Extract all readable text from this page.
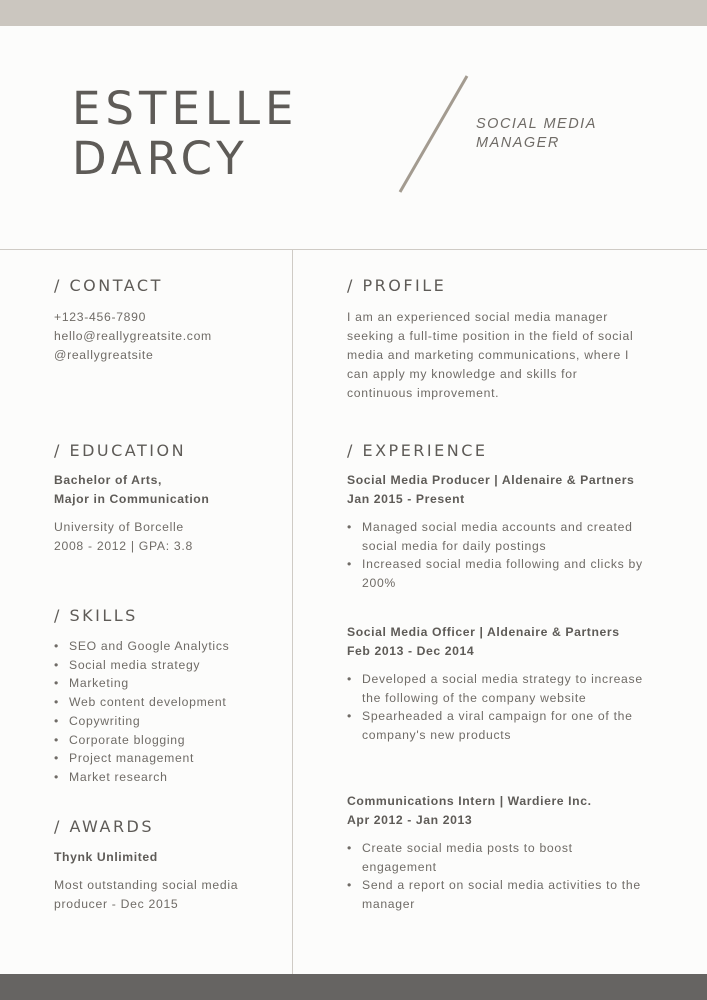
ESTELLE
DARCY

SOCIAL MEDIA MANAGER

/ CONTACT
+123-456-7890
hello@reallygreatsite.com
@reallygreatsite
/ EDUCATION
Bachelor of Arts,
Major in Communication
University of Borcelle
2008 - 2012 | GPA: 3.8
/ SKILLS
• SEO and Google Analytics
• Social media strategy
• Marketing
• Web content development
• Copywriting
• Corporate blogging
• Project management
• Market research
/ AWARDS
Thynk Unlimited
Most outstanding social media
producer - Dec 2015
/ PROFILE
I am an experienced social media manager
seeking a full-time position in the field of social
media and marketing communications, where I
can apply my knowledge and skills for
continuous improvement.
/ EXPERIENCE
Social Media Producer | Aldenaire & Partners
Jan 2015 - Present
• Managed social media accounts and created social media for daily postings
• Increased social media following and clicks by 200%
Social Media Officer | Aldenaire & Partners
Feb 2013 - Dec 2014
• Developed a social media strategy to increase the following of the company website
• Spearheaded a viral campaign for one of the company's new products
Communications Intern | Wardiere Inc.
Apr 2012 - Jan 2013
• Create social media posts to boost engagement
• Send a report on social media activities to the manager
